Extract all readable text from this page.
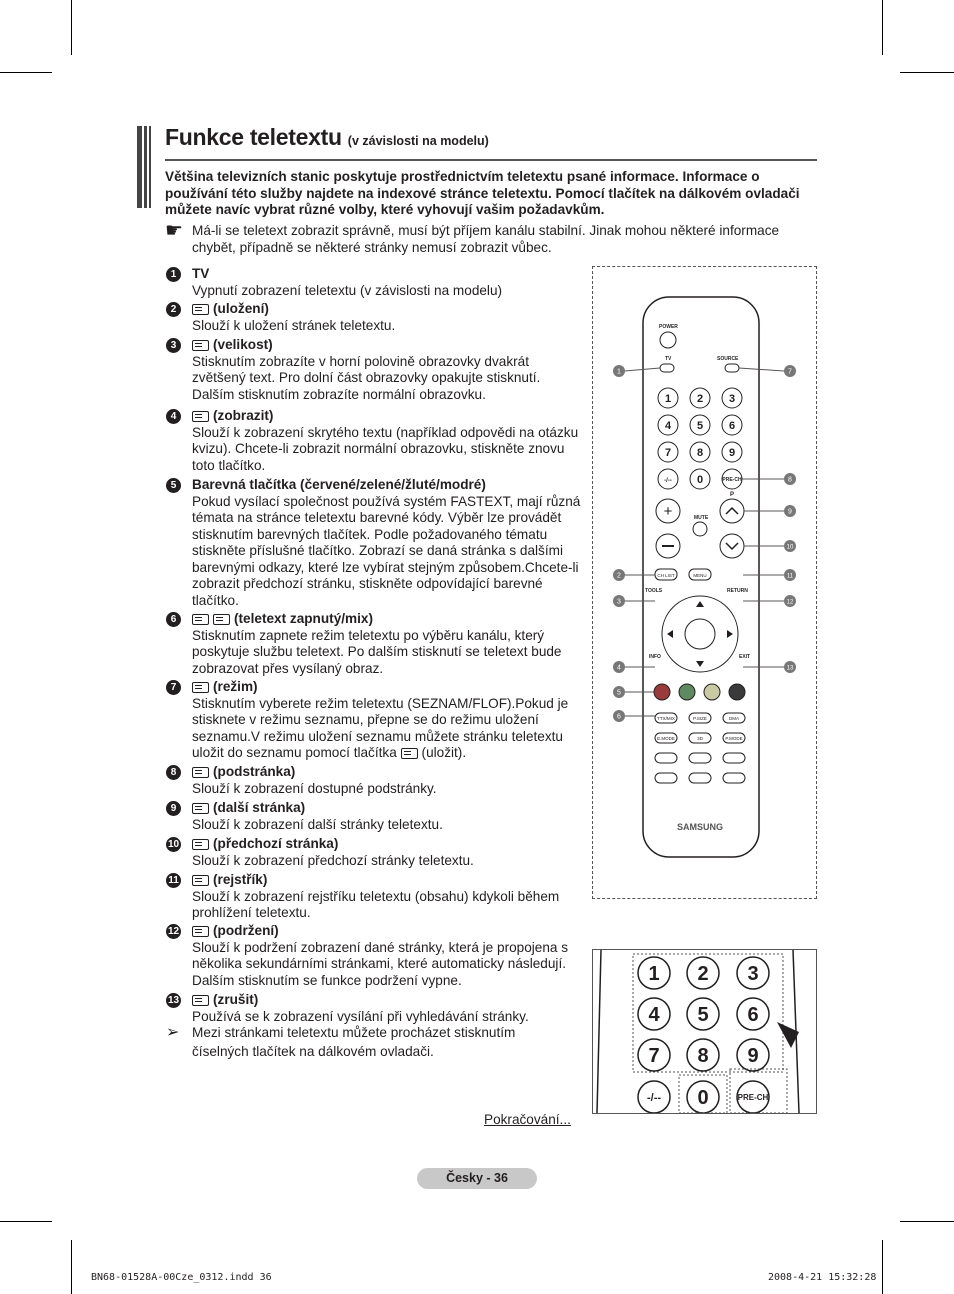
Funkce teletextu (v závislosti na modelu)
Většina televizních stanic poskytuje prostřednictvím teletextu psané informace. Informace o používání této služby najdete na indexové stránce teletextu. Pomocí tlačítek na dálkovém ovladači můžete navíc vybrat různé volby, které vyhovují vašim požadavkům.
☛ Má-li se teletext zobrazit správně, musí být příjem kanálu stabilní. Jinak mohou některé informace chybět, případně se některé stránky nemusí zobrazit vůbec.
1	TV
Vypnutí zobrazení teletextu (v závislosti na modelu)
2	(uložení)
Slouží k uložení stránek teletextu.
3	(velikost)
Stisknutím zobrazíte v horní polovině obrazovky dvakrát zvětšený text. Pro dolní část obrazovky opakujte stisknutí. Dalším stisknutím zobrazíte normální obrazovku.
4	(zobrazit)
Slouží k zobrazení skrytého textu (například odpovědi na otázku kvizu). Chcete-li zobrazit normální obrazovku, stiskněte znovu toto tlačítko.
5	Barevná tlačítka (červené/zelené/žluté/modré)
Pokud vysílací společnost používá systém FASTEXT, mají různá témata na stránce teletextu barevné kódy. Výběr lze provádět stisknutím barevných tlačítek. Podle požadovaného tématu stiskněte příslušné tlačítko. Zobrazí se daná stránka s dalšími barevnými odkazy, které lze vybírat stejným způsobem.Chcete-li zobrazit předchozí stránku, stiskněte odpovídající barevné tlačítko.
6	(teletext zapnutý/mix)
Stisknutím zapnete režim teletextu po výběru kanálu, který poskytuje službu teletext. Po dalším stisknutí se teletext bude zobrazovat přes vysílaný obraz.
7	(režim)
Stisknutím vyberete režim teletextu (SEZNAM/FLOF).Pokud je stisknete v režimu seznamu, přepne se do režimu uložení seznamu.V režimu uložení seznamu můžete stránku teletextu uložit do seznamu pomocí tlačítka (uložit).
8	(podstránka)
Slouží k zobrazení dostupné podstránky.
9	(další stránka)
Slouží k zobrazení další stránky teletextu.
10	(předchozí stránka)
Slouží k zobrazení předchozí stránky teletextu.
11	(rejstřík)
Slouží k zobrazení rejstříku teletextu (obsahu) kdykoli během prohlížení teletextu.
12	(podržení)
Slouží k podržení zobrazení dané stránky, která je propojena s několika sekundárními stránkami, které automaticky následují. Dalším stisknutím se funkce podržení vypne.
13	(zrušit)
Používá se k zobrazení vysílání při vyhledávání stránky.
➢ Mezi stránkami teletextu můžete procházet stisknutím číselných tlačítek na dálkovém ovladači.
Pokračování...
Česky - 36
BN68-01528A-00Cze_0312.indd 36	2008-4-21 15:32:28
POWER
TV	SOURCE
1 2 3
4 5 6
7 8 9
-/-- 0	PRE-CH
P
+	MUTE
CH LIST	MENU
TOOLS	RETURN
INFO	EXIT
TTX/MIX	P.SIZE	DMA
E.MODE	3D	P.MODE
SAMSUNG
1
2
3
4
5
6
7
8
9
10
11
12
13
1 2 3
4 5 6
7 8 9
-/-- 0	PRE-CH
